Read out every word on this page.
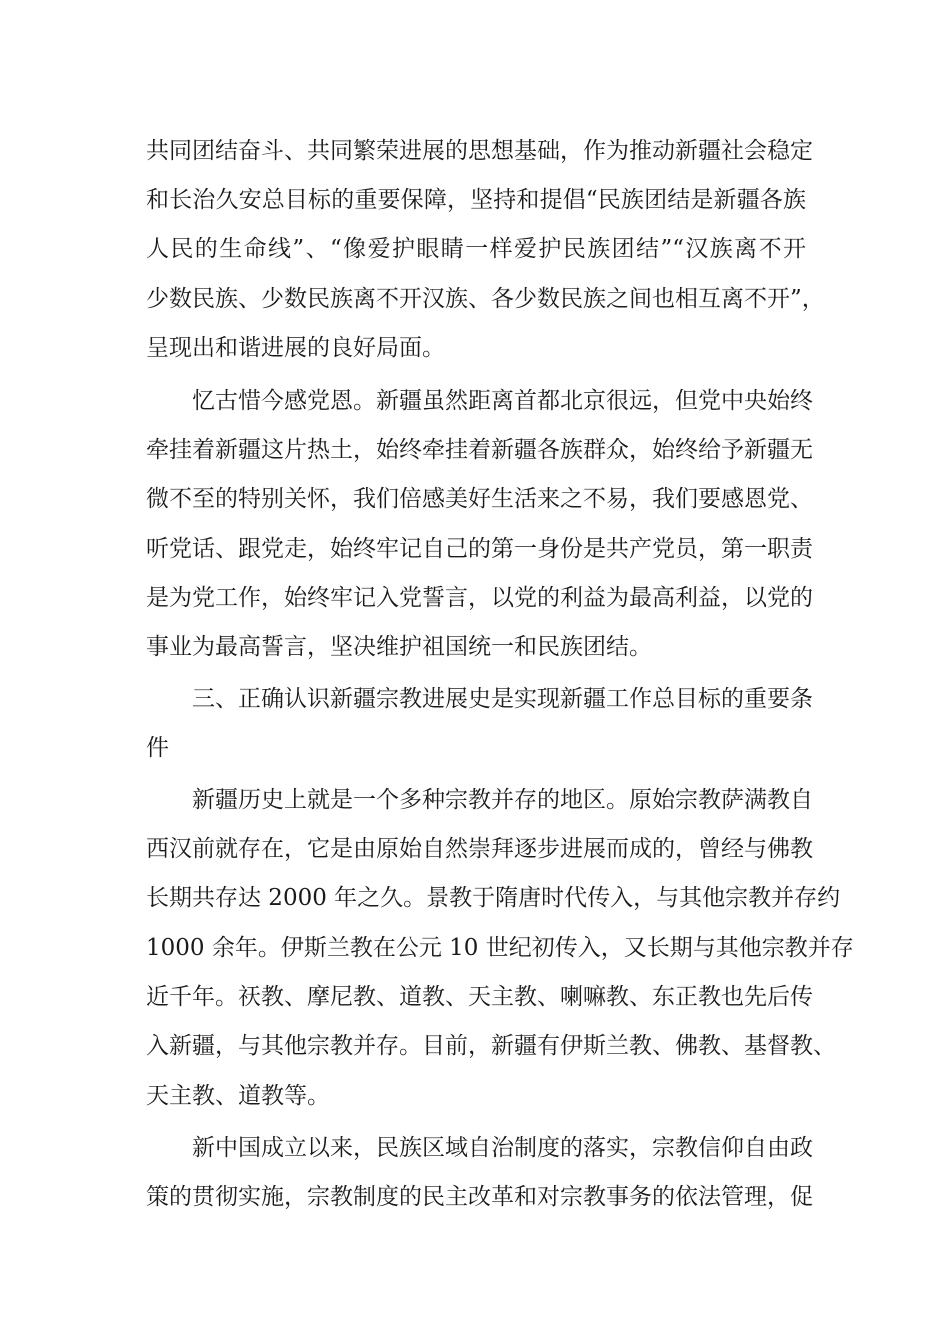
共同团结奋斗、共同繁荣进展的思想基础，作为推动新疆社会稳定
和长治久安总目标的重要保障，坚持和提倡“民族团结是新疆各族
人民的生命线”、“像爱护眼睛一样爱护民族团结”“汉族离不开
少数民族、少数民族离不开汉族、各少数民族之间也相互离不开”，
呈现出和谐进展的良好局面。
忆古惜今感党恩。新疆虽然距离首都北京很远，但党中央始终
牵挂着新疆这片热土，始终牵挂着新疆各族群众，始终给予新疆无
微不至的特别关怀，我们倍感美好生活来之不易，我们要感恩党、
听党话、跟党走，始终牢记自己的第一身份是共产党员，第一职责
是为党工作，始终牢记入党誓言，以党的利益为最高利益，以党的
事业为最高誓言，坚决维护祖国统一和民族团结。
三、正确认识新疆宗教进展史是实现新疆工作总目标的重要条
件
新疆历史上就是一个多种宗教并存的地区。原始宗教萨满教自
西汉前就存在，它是由原始自然崇拜逐步进展而成的，曾经与佛教
长期共存达 2000 年之久。景教于隋唐时代传入，与其他宗教并存约
1000 余年。伊斯兰教在公元 10 世纪初传入，又长期与其他宗教并存
近千年。祆教、摩尼教、道教、天主教、喇嘛教、东正教也先后传
入新疆，与其他宗教并存。目前，新疆有伊斯兰教、佛教、基督教、
天主教、道教等。
新中国成立以来，民族区域自治制度的落实，宗教信仰自由政
策的贯彻实施，宗教制度的民主改革和对宗教事务的依法管理，促
